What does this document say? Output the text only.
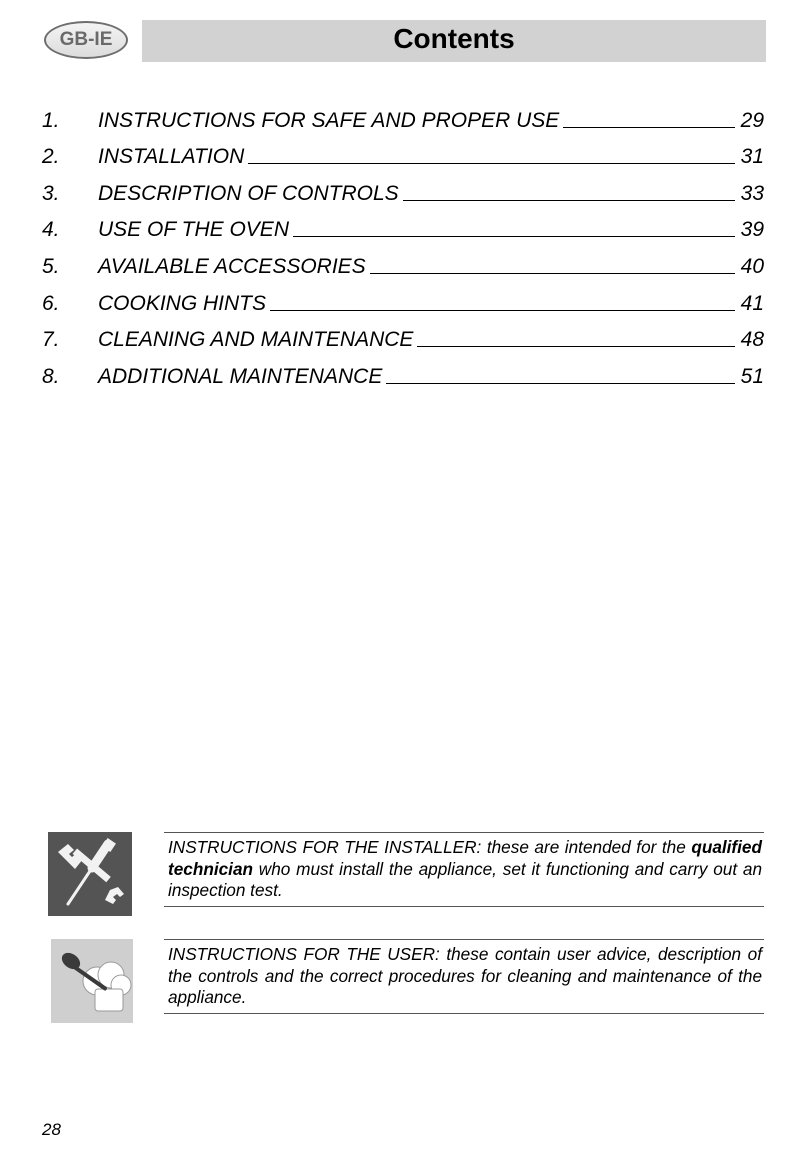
GB-IE	Contents
1.	INSTRUCTIONS FOR SAFE AND PROPER USE	29
2.	INSTALLATION	31
3.	DESCRIPTION OF CONTROLS	33
4.	USE OF THE OVEN	39
5.	AVAILABLE ACCESSORIES	40
6.	COOKING HINTS	41
7.	CLEANING AND MAINTENANCE	48
8.	ADDITIONAL MAINTENANCE	51
INSTRUCTIONS FOR THE INSTALLER: these are intended for the qualified technician who must install the appliance, set it functioning and carry out an inspection test.
INSTRUCTIONS FOR THE USER: these contain user advice, description of the controls and the correct procedures for cleaning and maintenance of the appliance.
28
